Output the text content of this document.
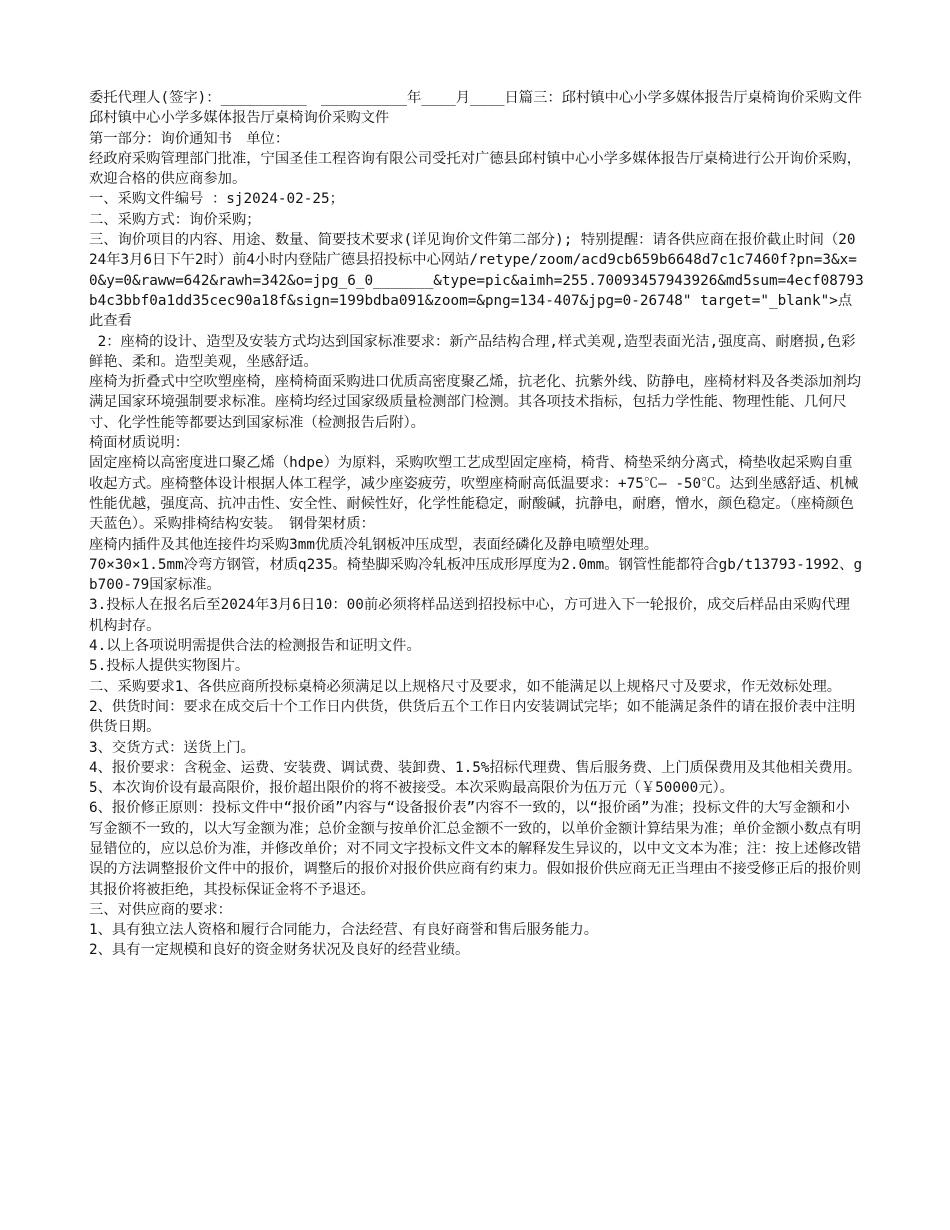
委托代理人(签字)：__________　__________年____月____日篇三：邱村镇中心小学多媒体报告厅桌椅询价采购文件

邱村镇中心小学多媒体报告厅桌椅询价采购文件

第一部分：询价通知书　单位：

经政府采购管理部门批准，宁国圣佳工程咨询有限公司受托对广德县邱村镇中心小学多媒体报告厅桌椅进行公开询价采购，欢迎合格的供应商参加。

一、采购文件编号 ：sj2024-02-25；

二、采购方式：询价采购；

三、询价项目的内容、用途、数量、简要技术要求(详见询价文件第二部分); 特别提醒：请各供应商在报价截止时间（2024年3月6日下午2时）前4小时内登陆广德县招投标中心网站/retype/zoom/acd9cb659b6648d7c1c7460f?pn=3&x=0&y=0&raww=642&rawh=342&o=jpg_6_0_______&type=pic&aimh=255.70093457943926&md5sum=4ecf08793b4c3bbf0a1dd35cec90a18f&sign=199bdba091&zoom=&png=134-407&jpg=0-26748" target="_blank">点此查看

2：座椅的设计、造型及安装方式均达到国家标准要求：新产品结构合理,样式美观,造型表面光洁,强度高、耐磨损,色彩鲜艳、柔和。造型美观，坐感舒适。

座椅为折叠式中空吹塑座椅，座椅椅面采购进口优质高密度聚乙烯，抗老化、抗紫外线、防静电，座椅材料及各类添加剂均满足国家环境强制要求标准。座椅均经过国家级质量检测部门检测。其各项技术指标，包括力学性能、物理性能、几何尺寸、化学性能等都要达到国家标准（检测报告后附）。

椅面材质说明：

固定座椅以高密度进口聚乙烯（hdpe）为原料，采购吹塑工艺成型固定座椅，椅背、椅垫采纳分离式，椅垫收起采购自重收起方式。座椅整体设计根据人体工程学，减少座姿疲劳，吹塑座椅耐高低温要求：+75℃— -50℃。达到坐感舒适、机械性能优越，强度高、抗冲击性、安全性、耐候性好，化学性能稳定，耐酸碱，抗静电，耐磨，憎水，颜色稳定。（座椅颜色天蓝色）。采购排椅结构安装。　钢骨架材质：

座椅内插件及其他连接件均采购3mm优质冷轧钢板冲压成型，表面经磷化及静电喷塑处理。

70×30×1.5mm冷弯方钢管，材质q235。椅垫脚采购冷轧板冲压成形厚度为2.0mm。钢管性能都符合gb/t13793-1992、gb700-79国家标准。

3.投标人在报名后至2024年3月6日10：00前必须将样品送到招投标中心，方可进入下一轮报价，成交后样品由采购代理机构封存。

4.以上各项说明需提供合法的检测报告和证明文件。

5.投标人提供实物图片。

二、采购要求1、各供应商所投标桌椅必须满足以上规格尺寸及要求，如不能满足以上规格尺寸及要求，作无效标处理。

2、供货时间：要求在成交后十个工作日内供货，供货后五个工作日内安装调试完毕；如不能满足条件的请在报价表中注明供货日期。

3、交货方式：送货上门。

4、报价要求：含税金、运费、安装费、调试费、装卸费、1.5%招标代理费、售后服务费、上门质保费用及其他相关费用。

5、本次询价设有最高限价，报价超出限价的将不被接受。本次采购最高限价为伍万元（￥50000元）。

6、报价修正原则：投标文件中“报价函”内容与“设备报价表”内容不一致的，以“报价函”为准；投标文件的大写金额和小写金额不一致的，以大写金额为准；总价金额与按单价汇总金额不一致的，以单价金额计算结果为准；单价金额小数点有明显错位的，应以总价为准，并修改单价；对不同文字投标文件文本的解释发生异议的，以中文文本为准；注：按上述修改错误的方法调整报价文件中的报价，调整后的报价对报价供应商有约束力。假如报价供应商无正当理由不接受修正后的报价则其报价将被拒绝，其投标保证金将不予退还。

三、对供应商的要求：

1、具有独立法人资格和履行合同能力，合法经营、有良好商誉和售后服务能力。

2、具有一定规模和良好的资金财务状况及良好的经营业绩。
